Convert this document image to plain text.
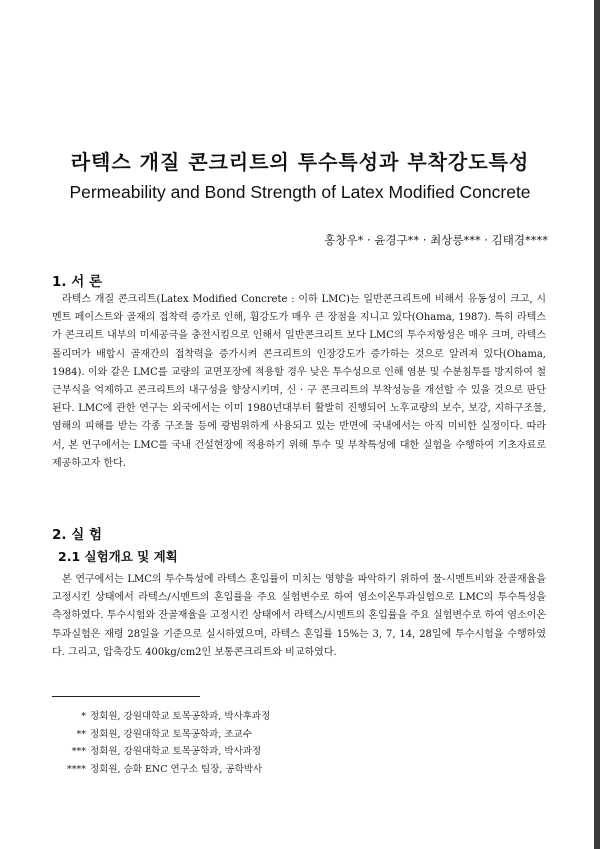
라텍스 개질 콘크리트의 투수특성과 부착강도특성
Permeability and Bond Strength of Latex Modified Concrete
홍창우* · 윤경구** · 최상릉*** · 김태경****
1. 서 론

라텍스 개질 콘크리트(Latex Modified Concrete : 이하 LMC)는 일반콘크리트에 비해서 유동성이 크고, 시멘트 페이스트와 골재의 접착력 증가로 인해, 휨강도가 매우 큰 장점을 지니고 있다(Ohama, 1987). 특히 라텍스가 콘크리트 내부의 미세공극을 충전시킴으로 인해서 일반콘크리트 보다 LMC의 투수저항성은 매우 크며, 라텍스 폴리머가 배합시 골재간의 접착력을 증가시켜 콘크리트의 인장강도가 증가하는 것으로 알려져 있다(Ohama, 1984). 이와 같은 LMC를 교량의 교면포장에 적용할 경우 낮은 투수성으로 인해 염분 및 수분침투를 방지하여 철근부식을 억제하고 콘크리트의 내구성을 향상시키며, 신 · 구 콘크리트의 부착성능을 개선할 수 있을 것으로 판단된다. LMC에 관한 연구는 외국에서는 이미 1980년대부터 활발히 진행되어 노후교량의 보수, 보강, 지하구조물, 염해의 피해를 받는 각종 구조물 등에 광범위하게 사용되고 있는 반면에 국내에서는 아직 미비한 실정이다. 따라서, 본 연구에서는 LMC를 국내 건설현장에 적용하기 위해 투수 및 부착특성에 대한 실험을 수행하여 기초자료로 제공하고자 한다.

2. 실 험
2.1 실험개요 및 계획

본 연구에서는 LMC의 투수특성에 라텍스 혼입률이 미치는 영향을 파악하기 위하여 물-시멘트비와 잔골재율을 고정시킨 상태에서 라텍스/시멘트의 혼입률을 주요 실험변수로 하여 염소이온투과실험으로 LMC의 투수특성을 측정하였다. 투수시험와 잔골재율을 고정시킨 상태에서 라텍스/시멘트의 혼입률을 주요 실험변수로 하여 염소이온투과실험은 재령 28일을 기준으로 실시하였으며, 라텍스 혼입률 15%는 3, 7, 14, 28일에 투수시험을 수행하였다. 그리고, 압축강도 400kg/cm2인 보통콘크리트와 비교하였다.

* 정회원, 강원대학교 토목공학과, 박사후과정
** 정회원, 강원대학교 토목공학과, 조교수
*** 정회원, 강원대학교 토목공학과, 박사과정
**** 정회원, 승화 ENC 연구소 팀장, 공학박사
